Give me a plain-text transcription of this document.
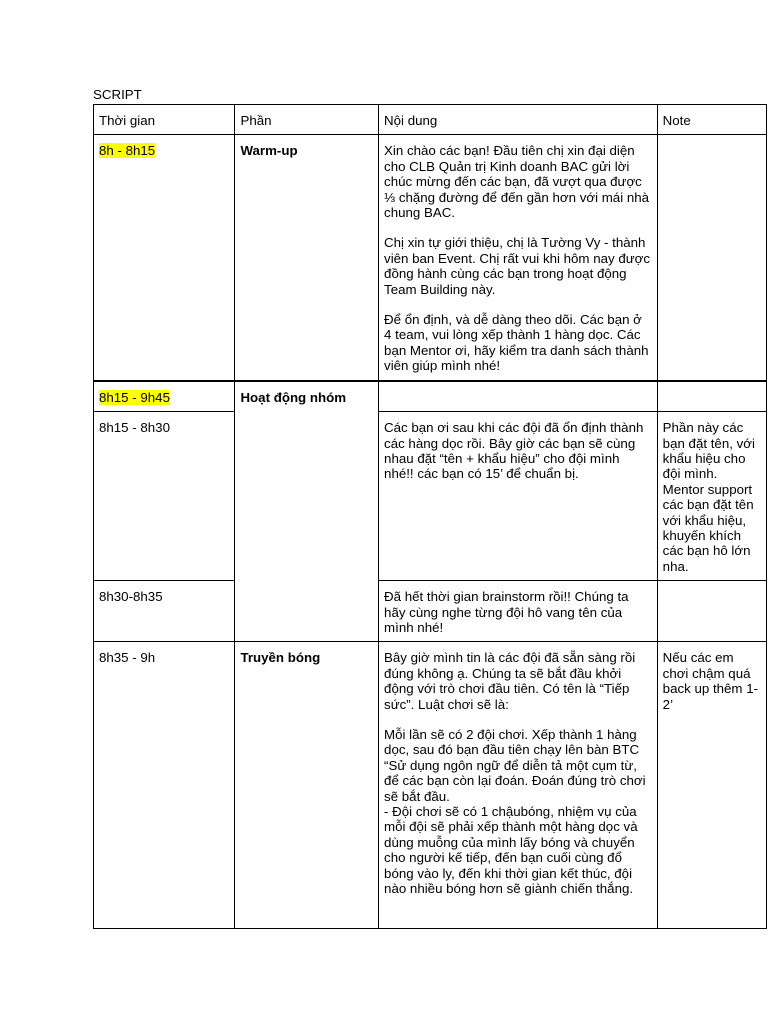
SCRIPT
Thời gian	Phần	Nội dung	Note
8h - 8h15	Warm-up	Xin chào các bạn! Đầu tiên chị xin đại diện cho CLB Quản trị Kinh doanh BAC gửi lời chúc mừng đến các bạn, đã vượt qua được ⅓ chặng đường để đến gần hơn với mái nhà chung BAC.
Chị xin tự giới thiệu, chị là Tường Vy - thành viên ban Event. Chị rất vui khi hôm nay được đồng hành cùng các bạn trong hoạt động Team Building này.
Để ổn định, và dễ dàng theo dõi. Các bạn ở 4 team, vui lòng xếp thành 1 hàng dọc. Các bạn Mentor ơi, hãy kiểm tra danh sách thành viên giúp mình nhé!	

8h15 - 9h45	Hoạt động nhóm		
8h15 - 8h30		Các bạn ơi sau khi các đội đã ổn định thành các hàng dọc rồi. Bây giờ các bạn sẽ cùng nhau đặt “tên + khẩu hiệu” cho đội mình nhé!! các bạn có 15’ để chuẩn bị.	Phần này các bạn đặt tên, với khẩu hiệu cho đội mình. Mentor support các bạn đặt tên với khẩu hiệu, khuyến khích các bạn hô lớn nha.

8h30-8h35		Đã hết thời gian brainstorm rồi!! Chúng ta hãy cùng nghe từng đội hô vang tên của mình nhé!	

8h35 - 9h	Truyền bóng	Bây giờ mình tin là các đội đã sẵn sàng rồi đúng không ạ. Chúng ta sẽ bắt đầu khởi động với trò chơi đầu tiên. Có tên là “Tiếp sức”. Luật chơi sẽ là:
Mỗi lần sẽ có 2 đội chơi. Xếp thành 1 hàng dọc, sau đó bạn đầu tiên chạy lên bàn BTC “Sử dụng ngôn ngữ để diễn tả một cụm từ, để các bạn còn lại đoán. Đoán đúng trò chơi sẽ bắt đầu.
- Đội chơi sẽ có 1 chậubóng, nhiệm vụ của mỗi đội sẽ phải xếp thành một hàng dọc và dùng muỗng của mình lấy bóng và chuyển cho người kế tiếp, đến bạn cuối cùng đổ bóng vào ly, đến khi thời gian kết thúc, đội nào nhiều bóng hơn sẽ giành chiến thắng.	Nếu các em chơi chậm quá back up thêm 1-2’
